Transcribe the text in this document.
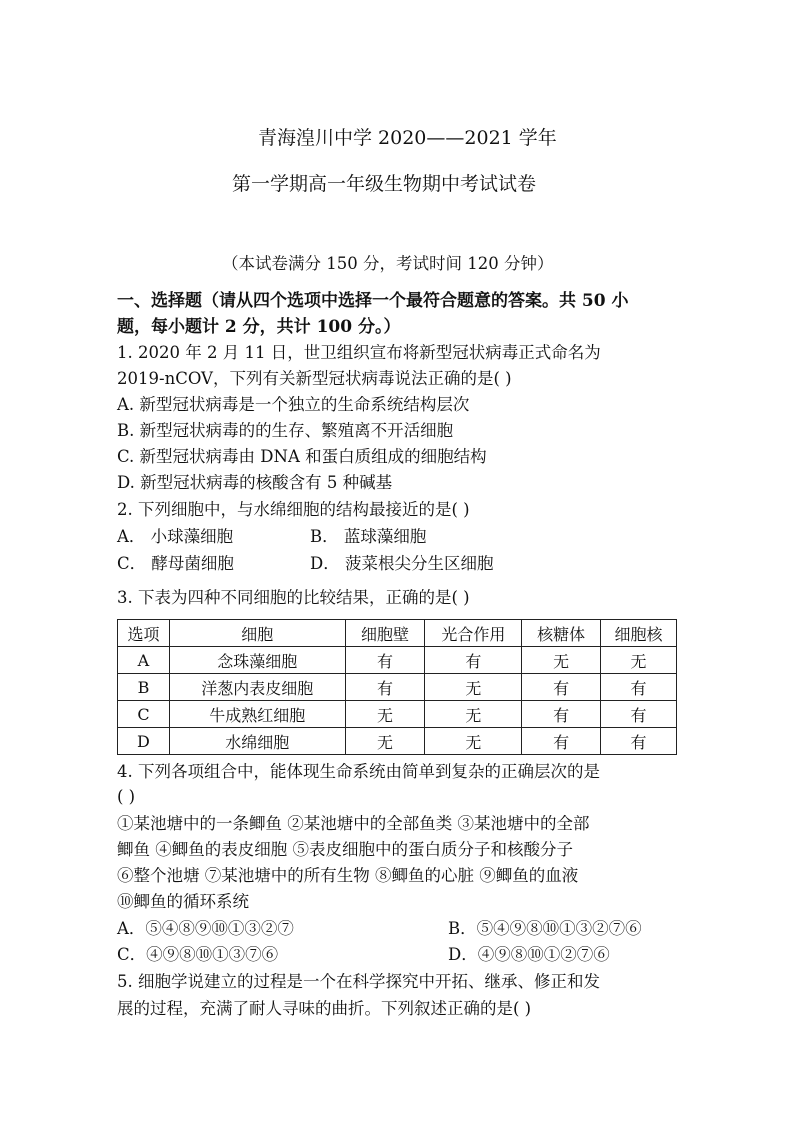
青海湟川中学 2020——2021 学年
第一学期高一年级生物期中考试试卷
（本试卷满分 150 分，考试时间 120 分钟）
一、选择题（请从四个选项中选择一个最符合题意的答案。共 50 小
题，每小题计 2 分，共计 100 分。）
1. 2020 年 2 月 11 日，世卫组织宣布将新型冠状病毒正式命名为
2019-nCOV，下列有关新型冠状病毒说法正确的是( )
A. 新型冠状病毒是一个独立的生命系统结构层次
B. 新型冠状病毒的的生存、繁殖离不开活细胞
C. 新型冠状病毒由 DNA 和蛋白质组成的细胞结构
D. 新型冠状病毒的核酸含有 5 种碱基
2. 下列细胞中，与水绵细胞的结构最接近的是( )
A． 小球藻细胞	B． 蓝球藻细胞
C． 酵母菌细胞	D． 菠菜根尖分生区细胞
3. 下表为四种不同细胞的比较结果，正确的是( )
选项	细胞	细胞壁	光合作用	核糖体	细胞核
A	念珠藻细胞	有	有	无	无
B	洋葱内表皮细胞	有	无	有	有
C	牛成熟红细胞	无	无	有	有
D	水绵细胞	无	无	有	有
4. 下列各项组合中，能体现生命系统由简单到复杂的正确层次的是
( )
①某池塘中的一条鲫鱼 ②某池塘中的全部鱼类 ③某池塘中的全部
鲫鱼 ④鲫鱼的表皮细胞 ⑤表皮细胞中的蛋白质分子和核酸分子
⑥整个池塘 ⑦某池塘中的所有生物 ⑧鲫鱼的心脏 ⑨鲫鱼的血液
⑩鲫鱼的循环系统
A．⑤④⑧⑨⑩①③②⑦	B．⑤④⑨⑧⑩①③②⑦⑥
C．④⑨⑧⑩①③⑦⑥	D．④⑨⑧⑩①②⑦⑥
5. 细胞学说建立的过程是一个在科学探究中开拓、继承、修正和发
展的过程，充满了耐人寻味的曲折。下列叙述正确的是( )
